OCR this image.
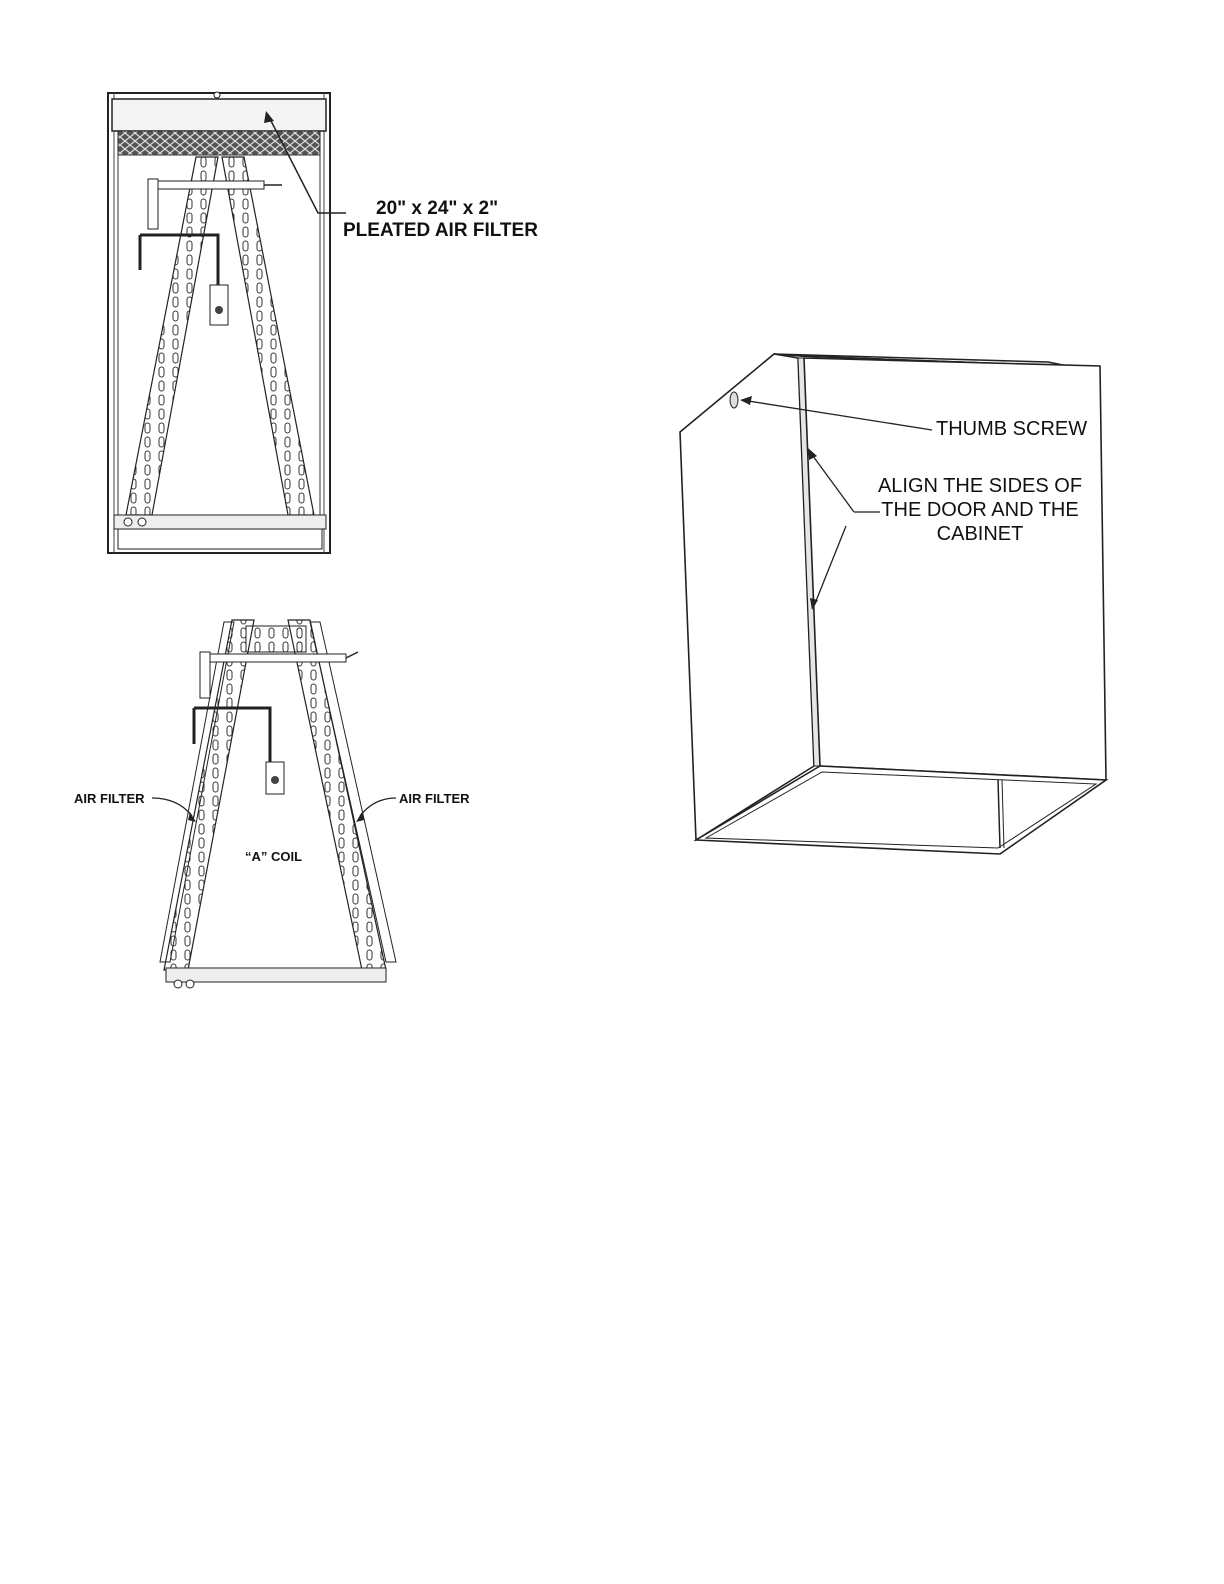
20" x 24" x 2"
PLEATED AIR FILTER
AIR FILTER	AIR FILTER
“A” COIL
THUMB SCREW
ALIGN THE SIDES OF
THE DOOR AND THE
CABINET
